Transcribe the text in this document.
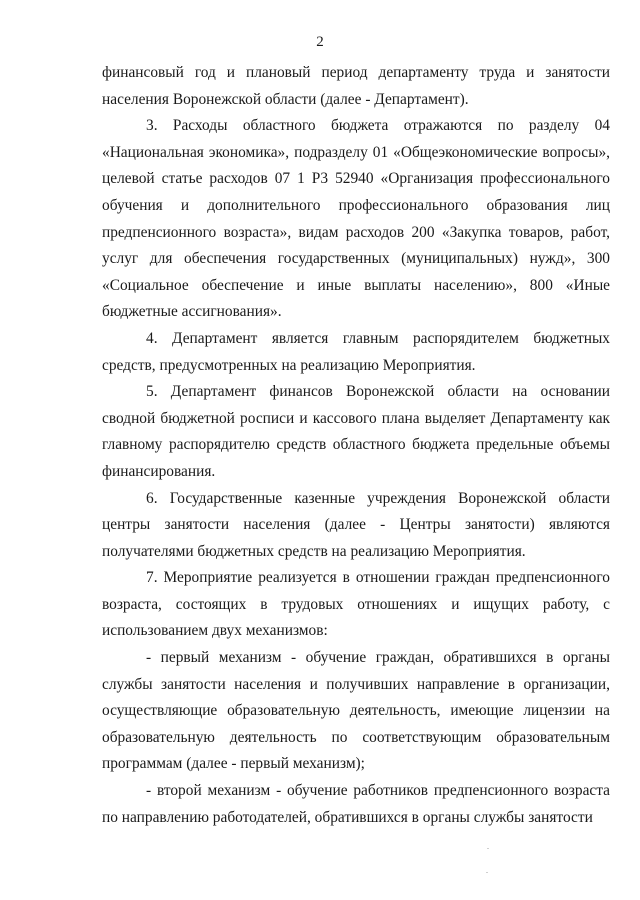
2

финансовый год и плановый период департаменту труда и занятости населения Воронежской области (далее - Департамент).

3. Расходы областного бюджета отражаются по разделу 04 «Национальная экономика», подразделу 01 «Общеэкономические вопросы», целевой статье расходов 07 1 Р3 52940 «Организация профессионального обучения и дополнительного профессионального образования лиц предпенсионного возраста», видам расходов 200 «Закупка товаров, работ, услуг для обеспечения государственных (муниципальных) нужд», 300 «Социальное обеспечение и иные выплаты населению», 800 «Иные бюджетные ассигнования».

4. Департамент является главным распорядителем бюджетных средств, предусмотренных на реализацию Мероприятия.

5. Департамент финансов Воронежской области на основании сводной бюджетной росписи и кассового плана выделяет Департаменту как главному распорядителю средств областного бюджета предельные объемы финансирования.

6. Государственные казенные учреждения Воронежской области центры занятости населения (далее - Центры занятости) являются получателями бюджетных средств на реализацию Мероприятия.

7. Мероприятие реализуется в отношении граждан предпенсионного возраста, состоящих в трудовых отношениях и ищущих работу, с использованием двух механизмов:

- первый механизм - обучение граждан, обратившихся в органы службы занятости населения и получивших направление в организации, осуществляющие образовательную деятельность, имеющие лицензии на образовательную деятельность по соответствующим образовательным программам (далее - первый механизм);

- второй механизм - обучение работников предпенсионного возраста по направлению работодателей, обратившихся в органы службы занятости
